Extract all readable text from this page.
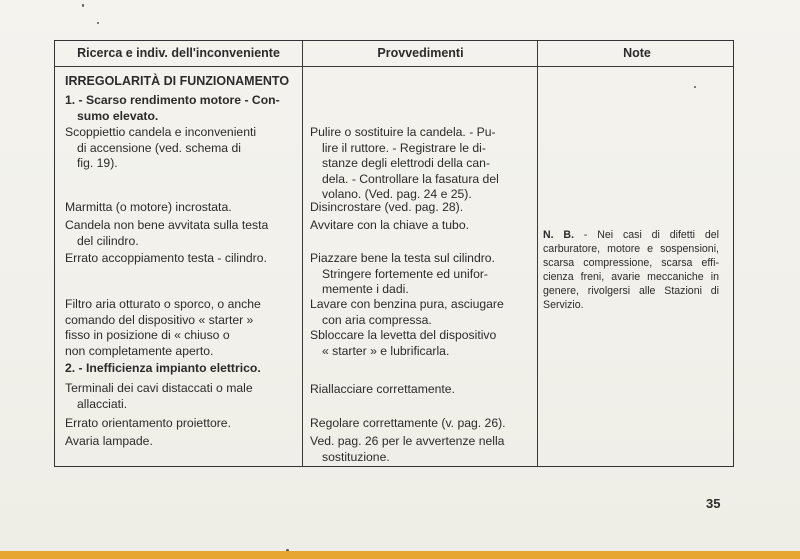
Ricerca e indiv. dell'inconveniente	Provvedimenti	Note
IRREGOLARITÀ DI FUNZIONAMENTO

1. - Scarso rendimento motore - Con-

sumo elevato.

Scoppiettio candela e inconvenienti

di accensione (ved. schema di

fig. 19).

Marmitta (o motore) incrostata.

Candela non bene avvitata sulla testa

del cilindro.

Errato accoppiamento testa - cilindro.

Filtro aria otturato o sporco, o anche

comando del dispositivo « starter »

fisso in posizione di « chiuso o

non completamente aperto.

2. - Inefficienza impianto elettrico.

Terminali dei cavi distaccati o male

allacciati.

Errato orientamento proiettore.
Avaria lampade.

Pulire o sostituire la candela. - Pu-

lire il ruttore. - Registrare le di-

stanze degli elettrodi della can-

dela. - Controllare la fasatura del

volano. (Ved. pag. 24 e 25).

Disincrostare (ved. pag. 28).
Avvitare con la chiave a tubo.

Piazzare bene la testa sul cilindro.

Stringere fortemente ed unifor-

memente i dadi.

Lavare con benzina pura, asciugare

con aria compressa.

Sbloccare la levetta del dispositivo

« starter » e lubrificarla.

Riallacciare correttamente.
Regolare correttamente (v. pag. 26).

Ved. pag. 26 per le avvertenze nella

sostituzione.

N. B. - Nei casi di difetti del carburatore, motore e sospensioni, scarsa compressione, scarsa effi- cienza freni, avarie meccaniche in genere, rivolgersi alle Stazioni di Servizio.
35
